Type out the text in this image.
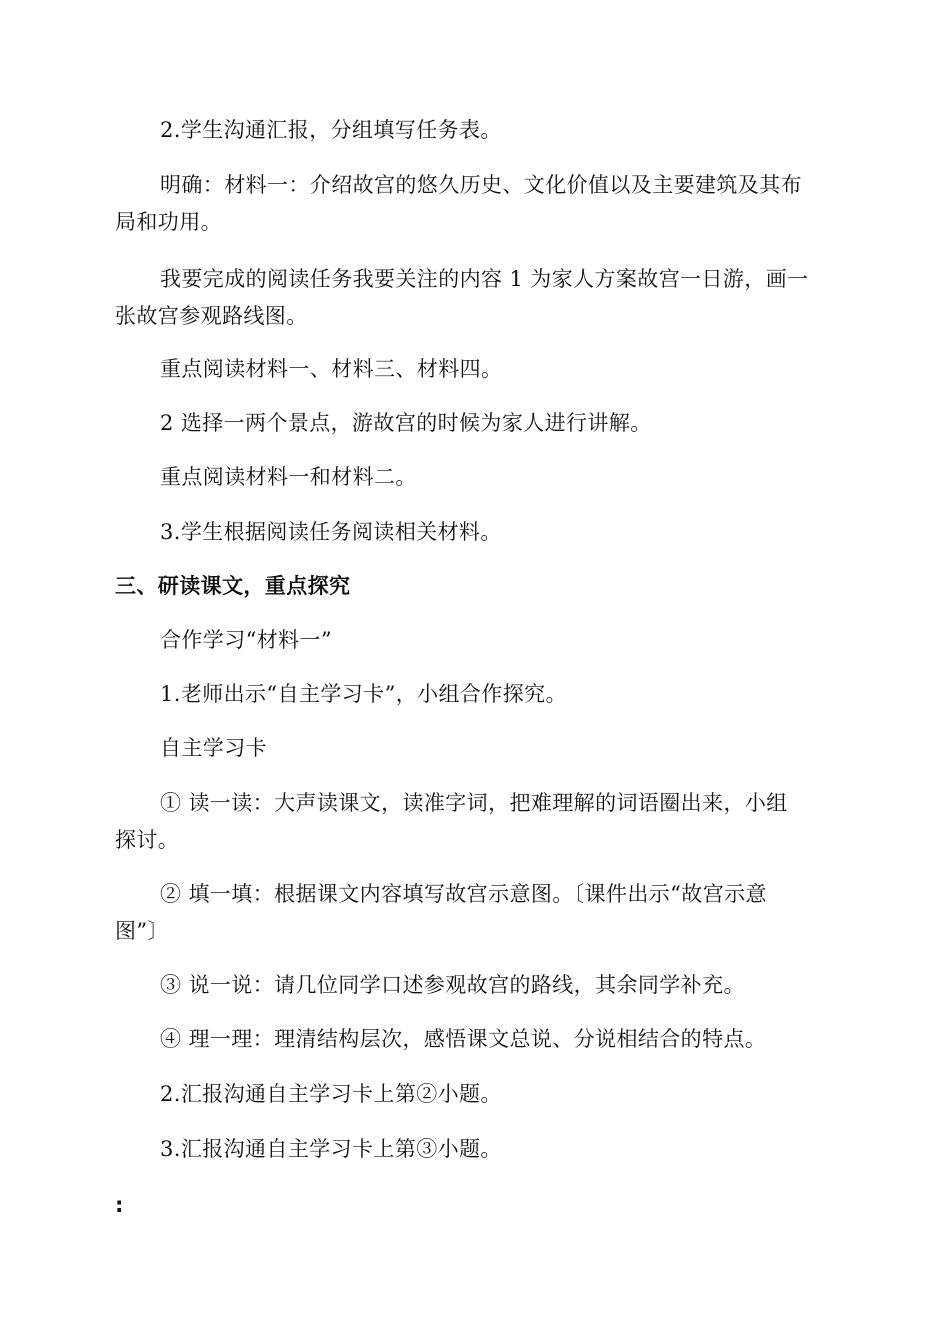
2.学生沟通汇报，分组填写任务表。
明确：材料一：介绍故宫的悠久历史、文化价值以及主要建筑及其布
局和功用。
我要完成的阅读任务我要关注的内容 1 为家人方案故宫一日游，画一
张故宫参观路线图。
重点阅读材料一、材料三、材料四。
2 选择一两个景点，游故宫的时候为家人进行讲解。
重点阅读材料一和材料二。
3.学生根据阅读任务阅读相关材料。
三、研读课文，重点探究
合作学习“材料一”
1.老师出示“自主学习卡”，小组合作探究。
自主学习卡
① 读一读：大声读课文，读准字词，把难理解的词语圈出来，小组
探讨。
② 填一填：根据课文内容填写故宫示意图。〔课件出示“故宫示意
图”〕
③ 说一说：请几位同学口述参观故宫的路线，其余同学补充。
④ 理一理：理清结构层次，感悟课文总说、分说相结合的特点。
2.汇报沟通自主学习卡上第②小题。
3.汇报沟通自主学习卡上第③小题。
:
